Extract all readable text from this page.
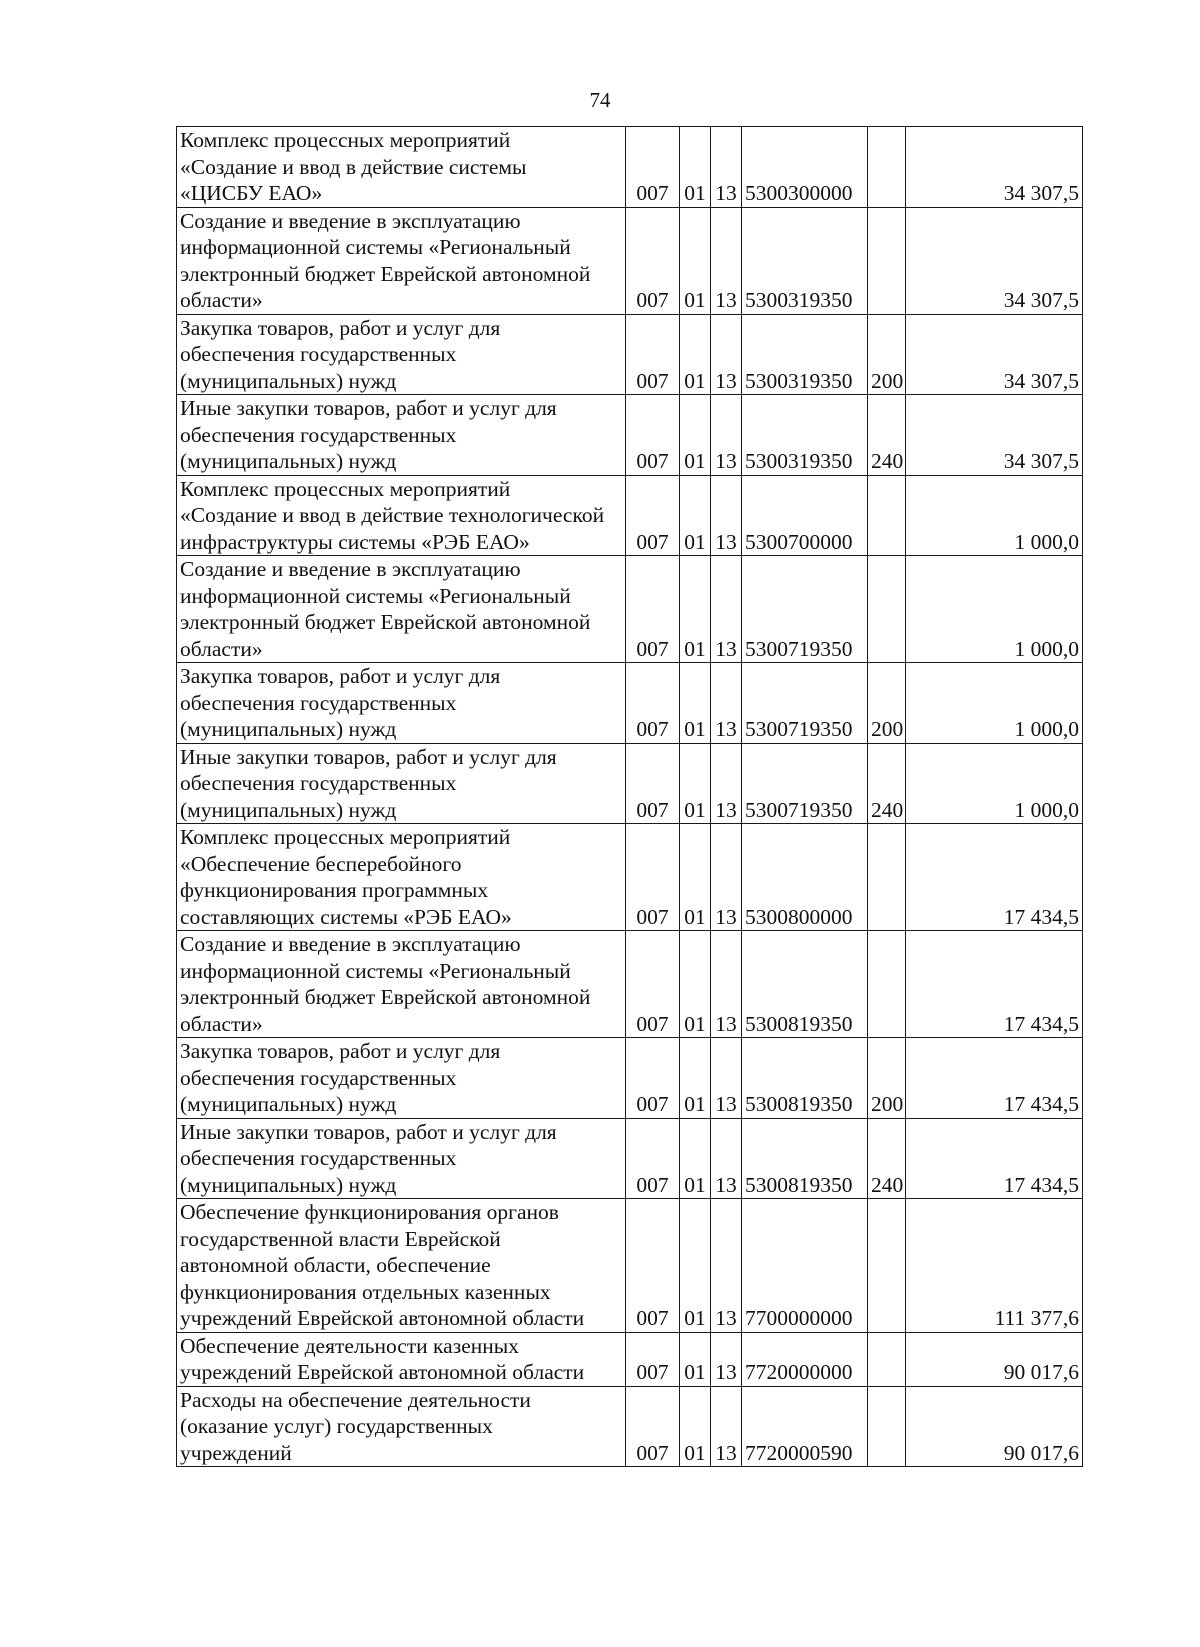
74
Комплекс процессных мероприятий
«Создание и ввод в действие системы
«ЦИСБУ ЕАО»	007	01	13	5300300000		34 307,5
Создание и введение в эксплуатацию
информационной системы «Региональный
электронный бюджет Еврейской автономной
области»	007	01	13	5300319350		34 307,5
Закупка товаров, работ и услуг для
обеспечения государственных
(муниципальных) нужд	007	01	13	5300319350	200	34 307,5
Иные закупки товаров, работ и услуг для
обеспечения государственных
(муниципальных) нужд	007	01	13	5300319350	240	34 307,5
Комплекс процессных мероприятий
«Создание и ввод в действие технологической
инфраструктуры системы «РЭБ ЕАО»	007	01	13	5300700000		1 000,0
Создание и введение в эксплуатацию
информационной системы «Региональный
электронный бюджет Еврейской автономной
области»	007	01	13	5300719350		1 000,0
Закупка товаров, работ и услуг для
обеспечения государственных
(муниципальных) нужд	007	01	13	5300719350	200	1 000,0
Иные закупки товаров, работ и услуг для
обеспечения государственных
(муниципальных) нужд	007	01	13	5300719350	240	1 000,0
Комплекс процессных мероприятий
«Обеспечение бесперебойного
функционирования программных
составляющих системы «РЭБ ЕАО»	007	01	13	5300800000		17 434,5
Создание и введение в эксплуатацию
информационной системы «Региональный
электронный бюджет Еврейской автономной
области»	007	01	13	5300819350		17 434,5
Закупка товаров, работ и услуг для
обеспечения государственных
(муниципальных) нужд	007	01	13	5300819350	200	17 434,5
Иные закупки товаров, работ и услуг для
обеспечения государственных
(муниципальных) нужд	007	01	13	5300819350	240	17 434,5
Обеспечение функционирования органов
государственной власти Еврейской
автономной области, обеспечение
функционирования отдельных казенных
учреждений Еврейской автономной области	007	01	13	7700000000		111 377,6
Обеспечение деятельности казенных
учреждений Еврейской автономной области	007	01	13	7720000000		90 017,6
Расходы на обеспечение деятельности
(оказание услуг) государственных
учреждений	007	01	13	7720000590		90 017,6
